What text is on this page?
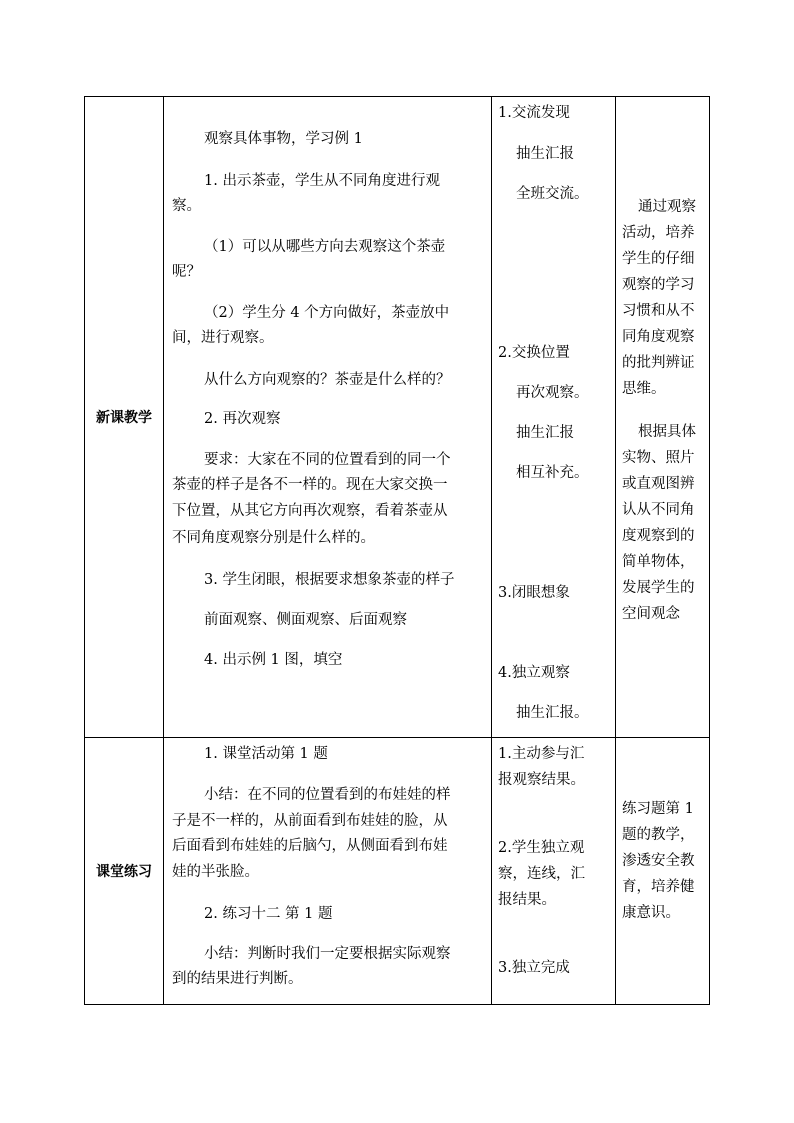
新课教学
观察具体事物，学习例 1
1. 出示茶壶，学生从不同角度进行观
察。
（1）可以从哪些方向去观察这个茶壶
呢？
（2）学生分 4 个方向做好，茶壶放中
间，进行观察。
从什么方向观察的？茶壶是什么样的？
2. 再次观察
要求：大家在不同的位置看到的同一个
茶壶的样子是各不一样的。现在大家交换一
下位置，从其它方向再次观察，看着茶壶从
不同角度观察分别是什么样的。
3. 学生闭眼，根据要求想象茶壶的样子
前面观察、侧面观察、后面观察
4. 出示例 1 图，填空
1.交流发现
抽生汇报
全班交流。
2.交换位置
再次观察。
抽生汇报
相互补充。
3.闭眼想象
4.独立观察
抽生汇报。
通过观察
活动，培养
学生的仔细
观察的学习
习惯和从不
同角度观察
的批判辨证
思维。
根据具体
实物、照片
或直观图辨
认从不同角
度观察到的
简单物体，
发展学生的
空间观念
课堂练习
1. 课堂活动第 1 题
小结：在不同的位置看到的布娃娃的样
子是不一样的，从前面看到布娃娃的脸，从
后面看到布娃娃的后脑勺，从侧面看到布娃
娃的半张脸。
2. 练习十二 第 1 题
小结：判断时我们一定要根据实际观察
到的结果进行判断。
1.主动参与汇
报观察结果。
2.学生独立观
察，连线，汇
报结果。
3.独立完成
练习题第 1
题的教学，
渗透安全教
育，培养健
康意识。
